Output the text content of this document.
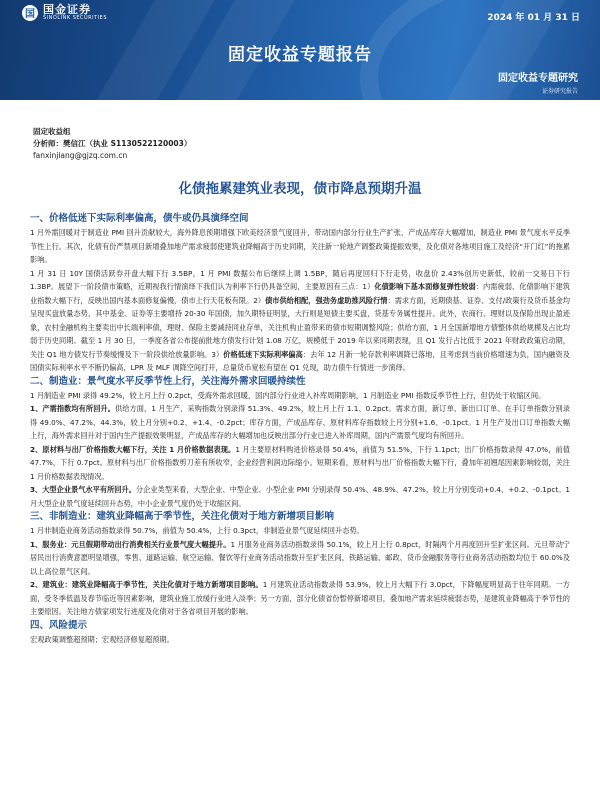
国 国金证券
SINOLINK SECURITIES	2024 年 01 月 31 日
固定收益专题报告
固定收益专题研究
证券研究报告
固定收益组
分析师：樊信江（执业 S1130522120003）
fanxinjiang@gjzq.com.cn
化债拖累建筑业表现，债市降息预期升温

一、价格低迷下实际利率偏高，债牛或仍具演绎空间

1 月外需回暖对于制造业 PMI 回升贡献较大，海外降息预期增强下欧美经济景气度回升，带动国内部分行业生产扩张、产成品库存大幅增加，制造业 PMI 景气度水平反季节性上行。其次，化债有份严禁项目新增叠加地产需求疲弱使建筑业降幅高于历史同期，关注新一轮地产调整政策提振效果，及化债对各地项目施工及经济“开门红”的拖累影响。

1 月 31 日 10Y 国债活跃券开盘大幅下行 3.5BP，1 月 PMI 数据公布后继续上调 1.5BP，随后再度回归下行走势，收盘价 2.43%创历史新低，较前一交易日下行 1.3BP。展望下一阶段债市策略，近期视我行情演绎下我们认为利率下行仍具备空间，主要原因有三点：1）化债影响下基本面修复弹性较弱：内需疲弱、化债影响下建筑业指数大幅下行，反映出国内基本面修复偏慢，债市上行天花板有限。2）债市供给相配，强劲务虚助推风险行情：需求方面，近期债基、证券、支付/政策行及货币基金均呈现买盘放量态势，其中基金、证券等主要增持 20-30 年国债，加久期特征明显，大行则是短债主要买盘，贷基专务属性提升。此外，农商行、理财以及保险出现止盈迹象，农村金融机构主要卖出中长端利率债，理财、保险主要减持同业存单，关注机构止盈带来的债市短期调整风险；供给方面，1 月全国新增地方债整体供给规模及占比均弱于历史同期。截至 1 月 30 日，一季度各省公布提前批地方债发行计划 1.08 万亿，规模低于 2019 年以来同期表现，且 Q1 发行占比低于 2021 年财政政策启动期，关注 Q1 地方债发行节奏缓慢及下一阶段供给放量影响。3）价格低迷下实际利率偏高：去年 12 月新一轮存款利率调降已落地，且考虑到当前价格增速为负，国内融资及国债实际利率水平不断仍偏高，LPR 及 MLF 调降空间打开，总量货币宽松有望在 Q1 兑现，助力债牛行情进一步演绎。

二、制造业：景气度水平反季节性上行，关注海外需求回暖持续性

1 月制造业 PMI 录得 49.2%，较上月上行 0.2pct，受海外需求回暖，国内部分行业进入补库周期影响，1 月制造业 PMI 指数反季节性上行，但仍处于收缩区间。

1、产需指数均有所回升。供给方面，1 月生产、采购指数分别录得 51.3%、49.2%，较上月上行 1.1、0.2pct。需求方面，新订单、新出口订单、在手订单指数分别录得 49.0%、47.2%、44.3%，较上月分别+0.2、+1.4、-0.2pct；库存方面，产成品库存、原材料库存指数较上月分别+1.6、-0.1pct。1 月生产及出口订单指数大幅上行，海外需求回升对于国内生产提振效果明显，产成品库存的大幅增加也反映出部分行业已进入补库周期，国内产需景气度均有所回升。

2、原材料与出厂价格指数大幅下行，关注 1 月价格数据表现。1 月主要原材料购进价格录得 50.4%，前值为 51.5%，下行 1.1pct；出厂价格指数录得 47.0%，前值 47.7%，下行 0.7pct。原材料与出厂价格指数剪刀差有所收窄，企业经营利润边际缩小。短期来看，原材料与出厂价格指数大幅下行，叠加年初翘尾因素影响较弱，关注 1 月价格数据表现情况。

3、大型企业景气水平有所回升。分企业类型来看，大型企业、中型企业、小型企业 PMI 分别录得 50.4%、48.9%、47.2%，较上月分别变动+0.4、+0.2、-0.1pct。1 月大型企业景气度延续回升态势，中小企业景气度仍处于收缩区间。

三、非制造业：建筑业降幅高于季节性，关注化债对于地方新增项目影响

1 月非制造业商务活动指数录得 50.7%，前值为 50.4%，上行 0.3pct，非制造业景气度延续回升态势。

1、服务业：元旦假期带动出行消费相关行业景气度大幅提升。1 月服务业商务活动指数录得 50.1%，较上月上行 0.8pct，时隔两个月再度回升至扩张区间。元旦带动宁居民出行消费意愿明显增强，零售、道路运输、航空运输、餐饮等行业商务活动指数升至扩张区间，铁路运输、邮政、货币金融服务等行业商务活动指数均位于 60.0%及以上高位景气区间。

2、建筑业：建筑业降幅高于季节性，关注化债对于地方新增项目影响。1 月建筑业活动指数录得 53.9%，较上月大幅下行 3.0pct，下降幅度明显高于往年同期。一方面，受冬季低温及春节临近等因素影响，建筑业施工放缓行业进入淡季；另一方面，部分化债省份暂停新增项目，叠加地产需求延续疲弱态势，是建筑业降幅高于季节性的主要原因。关注地方债家项发行进度及化债对于各省项目开展的影响。

四、风险提示

宏观政策调整超预期；宏观经济修复超预期。
